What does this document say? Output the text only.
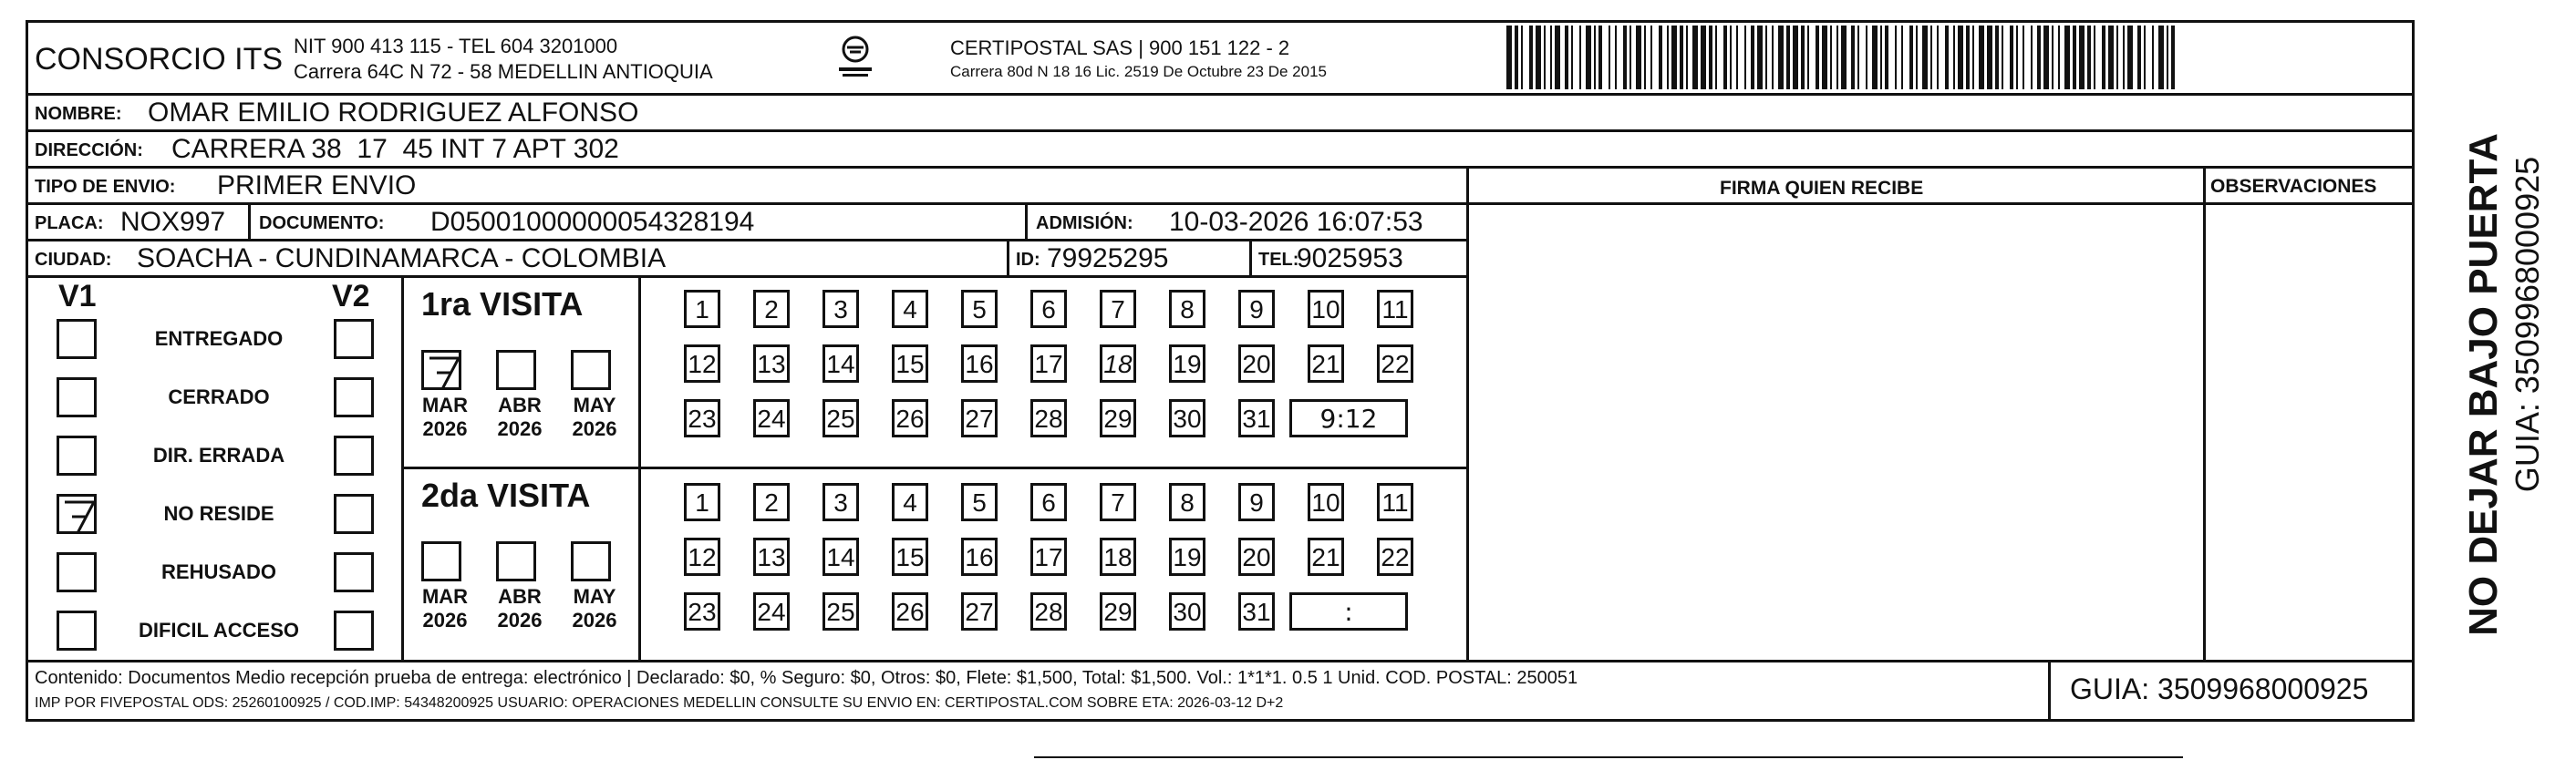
CONSORCIO ITS NIT 900 413 115 - TEL 604 3201000
Carrera 64C N 72 - 58 MEDELLIN ANTIOQUIA
CERTIPOSTAL SAS | 900 151 122 - 2
Carrera 80d N 18 16 Lic. 2519 De Octubre 23 De 2015
NOMBRE: OMAR EMILIO RODRIGUEZ ALFONSO
DIRECCIÓN: CARRERA 38  17  45 INT 7 APT 302
TIPO DE ENVIO: PRIMER ENVIO
PLACA: NOX997 DOCUMENTO: D05001000000054328194	ADMISIÓN: 10-03-2026 16:07:53
CIUDAD: SOACHA - CUNDINAMARCA - COLOMBIA	ID: 79925295	TEL:
9025953
FIRMA QUIEN RECIBE	OBSERVACIONES
V1	V2
ENTREGADO
CERRADO
DIR. ERRADA
NO RESIDE
REHUSADO
DIFICIL ACCESO
1ra VISITA
2da VISITA
MAR
2026
ABR
2026
MAY
2026
MAR
2026
ABR
2026
MAY
2026
1	2	3	4	5	6	7	8	9	10 11
12 13 14 15 16 17 18 19 20 21 22
23 24 25 26 27 28 29 30 31	9:12
1	2	3	4	5	6	7	8	9	10 11
12 13 14 15 16 17 18 19 20 21 22
23 24 25 26 27 28 29 30 31	:	NO DEJAR BAJO PUERTA GUIA: 3509968000925
Contenido: Documentos Medio recepción prueba de entrega: electrónico | Declarado: $0, % Seguro: $0, Otros: $0, Flete: $1,500, Total: $1,500. Vol.: 1*1*1. 0.5 1 Unid. COD. POSTAL: 250051
IMP POR FIVEPOSTAL ODS: 25260100925 / COD.IMP: 54348200925 USUARIO: OPERACIONES MEDELLIN CONSULTE SU ENVIO EN: CERTIPOSTAL.COM SOBRE ETA: 2026-03-12 D+2	GUIA: 3509968000925
